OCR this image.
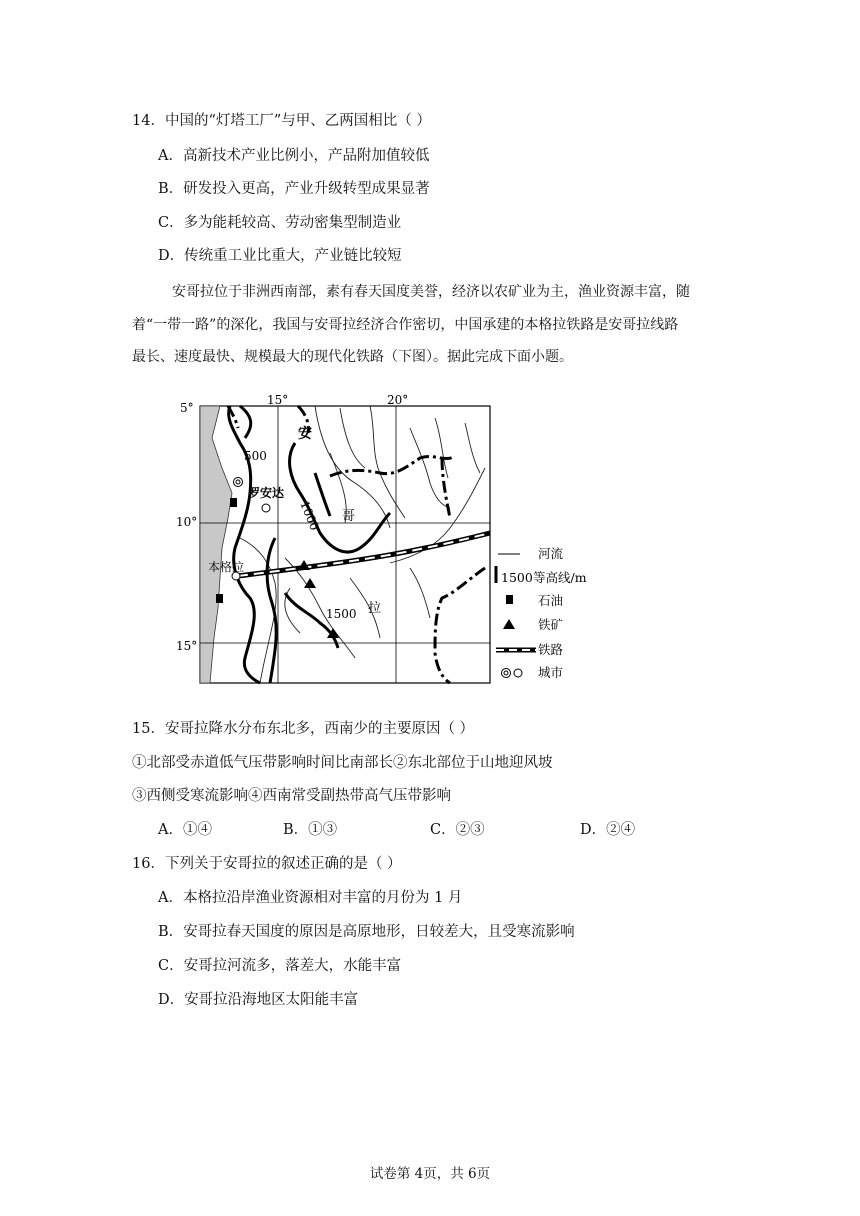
14．中国的“灯塔工厂”与甲、乙两国相比（ ）
A．高新技术产业比例小，产品附加值较低
B．研发投入更高，产业升级转型成果显著
C．多为能耗较高、劳动密集型制造业
D．传统重工业比重大，产业链比较短
安哥拉位于非洲西南部，素有春天国度美誉，经济以农矿业为主，渔业资源丰富，随
着“一带一路”的深化，我国与安哥拉经济合作密切，中国承建的本格拉铁路是安哥拉线路
最长、速度最快、规模最大的现代化铁路（下图）。据此完成下面小题。
15°	20°
5°
10°
15°
安
哥
拉
500
罗安达
本格拉
1000
1500
河流
1500 等高线/m
石油
铁矿
铁路
城市
15．安哥拉降水分布东北多，西南少的主要原因（ ）
①北部受赤道低气压带影响时间比南部长②东北部位于山地迎风坡
③西侧受寒流影响④西南常受副热带高气压带影响
A．①④	B．①③	C．②③	D．②④
16．下列关于安哥拉的叙述正确的是（ ）
A．本格拉沿岸渔业资源相对丰富的月份为 1 月
B．安哥拉春天国度的原因是高原地形，日较差大，且受寒流影响
C．安哥拉河流多，落差大，水能丰富
D．安哥拉沿海地区太阳能丰富
试卷第 4页，共 6页
